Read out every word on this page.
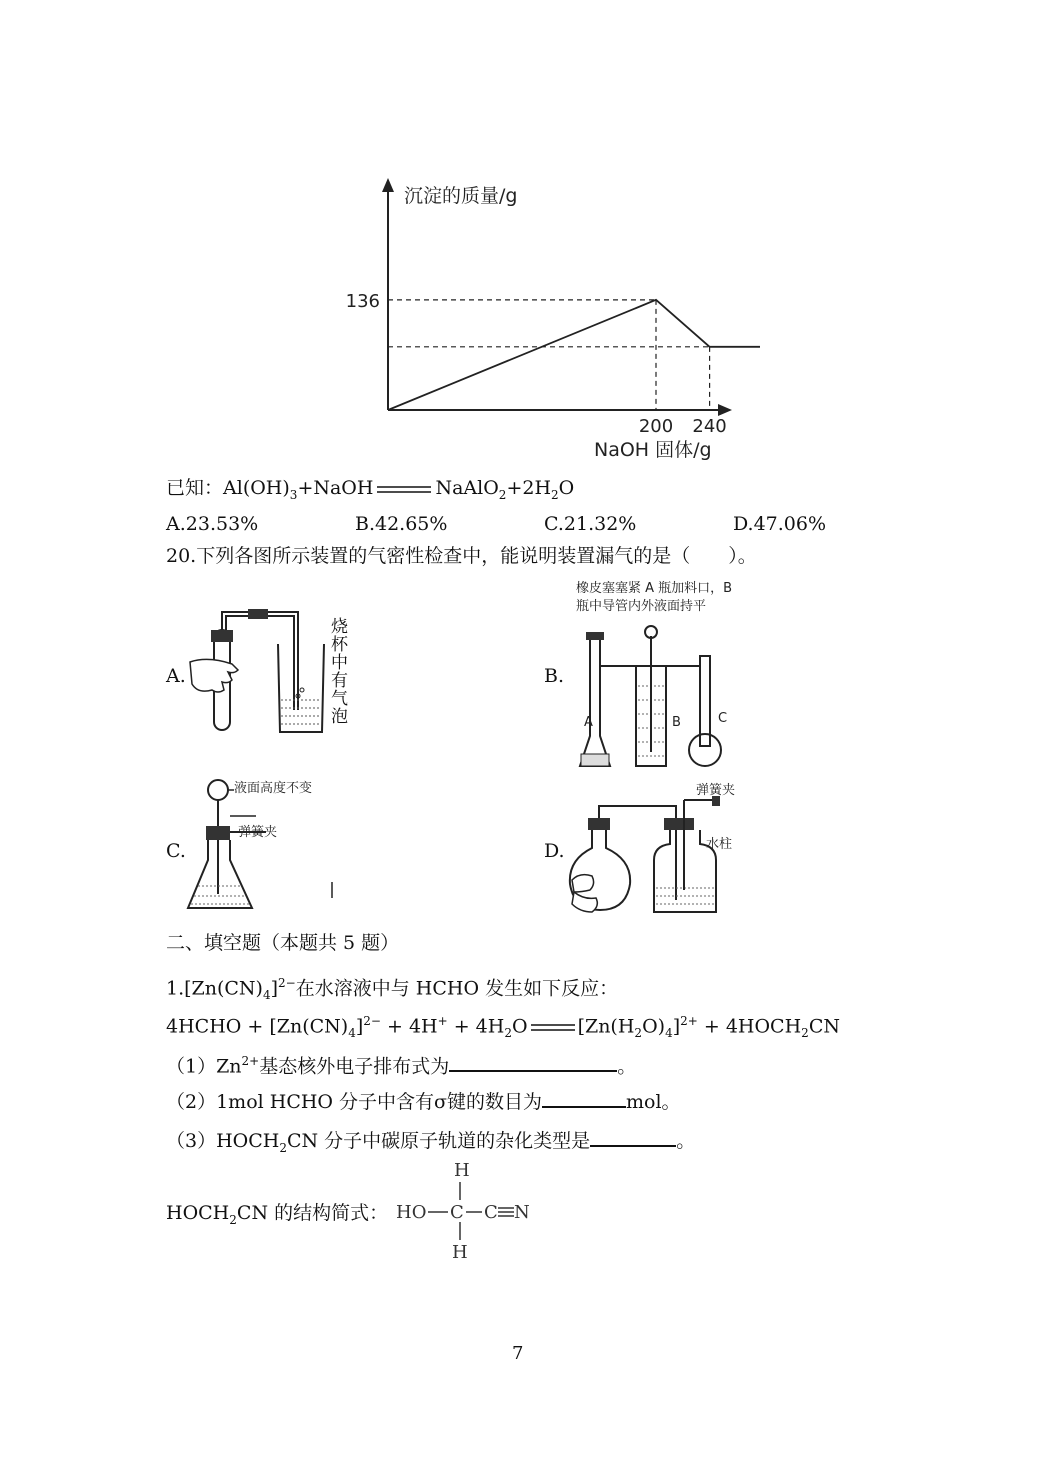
沉淀的质量/g
NaOH 固体/g
136
200 240
已知：$Al(OH)_3+NaOH$	$NaAlO_2+2H_2O$
A.23.53%	B.42.65%	C.21.32%	D.47.06%
20.下列各图所示装置的气密性检查中，能说明装置漏气的是（　　）。
A.	B.
C.	D.
烧杯中有气泡
橡皮塞塞紧 A 瓶加料口，B
瓶中导管内外液面持平
A	B	C
液面高度不变
弹簧夹
弹簧夹
水柱
二、填空题（本题共 5 题）
$1.[Zn(CN)_4]^{2-}$在水溶液中与 HCHO 发生如下反应：
4HCHO + $[Zn(CN)_4]^{2-} + 4H^+ + 4H_2O$	$[Zn(H_2O)_4]^{2+}$ + $4HOCH_2CN$
$(1)Zn^{2+}$基态核外电子排布式为	。
（2）1mol HCHO 分子中含有σ键的数目为	mol。
$(3)HOCH_2CN$ 分子中碳原子轨道的杂化类型是	。
$HOCH_2CN$ 的结构简式：
H
HO C C N
H
7
